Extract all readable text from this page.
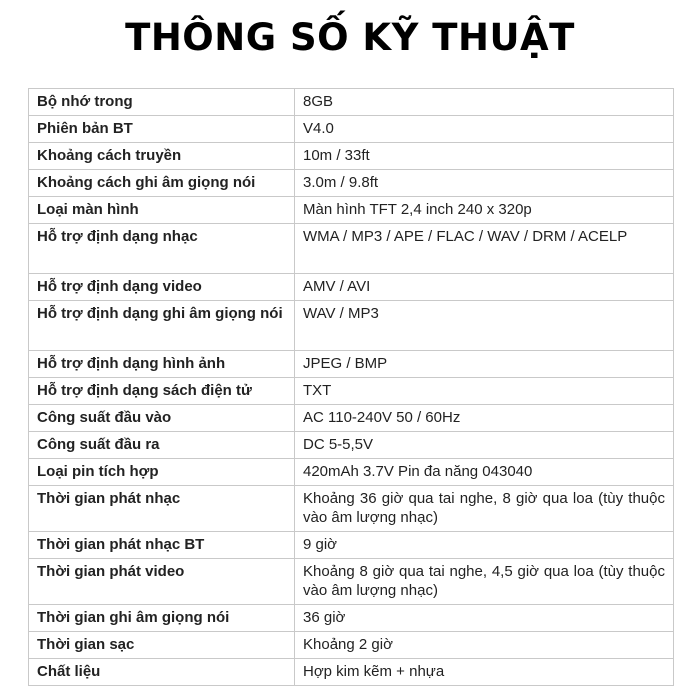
THÔNG SỐ KỸ THUẬT
Bộ nhớ trong	8GB
Phiên bản BT	V4.0
Khoảng cách truyền	10m / 33ft
Khoảng cách ghi âm giọng nói	3.0m / 9.8ft
Loại màn hình	Màn hình TFT 2,4 inch 240 x 320p
Hỗ trợ định dạng nhạc	WMA / MP3 / APE / FLAC / WAV / DRM / ACELP
Hỗ trợ định dạng video	AMV / AVI
Hỗ trợ định dạng ghi âm giọng nói	WAV / MP3
Hỗ trợ định dạng hình ảnh	JPEG / BMP
Hỗ trợ định dạng sách điện tử	TXT
Công suất đầu vào	AC 110-240V 50 / 60Hz
Công suất đầu ra	DC 5-5,5V
Loại pin tích hợp	420mAh 3.7V Pin đa năng 043040
Thời gian phát nhạc	Khoảng 36 giờ qua tai nghe, 8 giờ qua loa (tùy thuộc vào âm lượng nhạc)
Thời gian phát nhạc BT	9 giờ
Thời gian phát video	Khoảng 8 giờ qua tai nghe, 4,5 giờ qua loa (tùy thuộc vào âm lượng nhạc)
Thời gian ghi âm giọng nói	36 giờ
Thời gian sạc	Khoảng 2 giờ
Chất liệu	Hợp kim kẽm + nhựa
